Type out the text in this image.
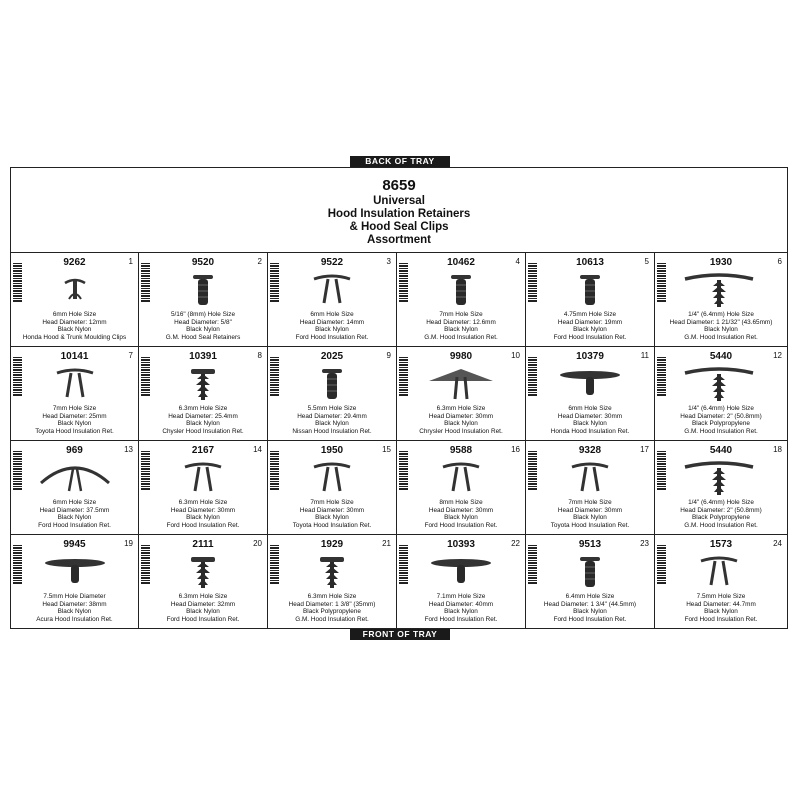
BACK OF TRAY
8659
Universal
Hood Insulation Retainers
& Hood Seal Clips
Assortment
9262	1
6mm Hole Size
Head Diameter: 12mm
Black Nylon
Honda Hood & Trunk Moulding Clips
9520	2
5/16" (8mm) Hole Size
Head Diameter: 5/8"
Black Nylon
G.M. Hood Seal Retainers
9522	3
6mm Hole Size
Head Diameter: 14mm
Black Nylon
Ford Hood Insulation Ret.
10462	4
7mm Hole Size
Head Diameter: 12.6mm
Black Nylon
G.M. Hood Insulation Ret.
10613	5
4.75mm Hole Size
Head Diameter: 19mm
Black Nylon
Ford Hood Insulation Ret.
1930	6
1/4" (6.4mm) Hole Size
Head Diameter: 1 21/32" (43.65mm)
Black Nylon
G.M. Hood Insulation Ret.
10141	7
7mm Hole Size
Head Diameter: 25mm
Black Nylon
Toyota Hood Insulation Ret.
10391	8
6.3mm Hole Size
Head Diameter: 25.4mm
Black Nylon
Chysler Hood Insulation Ret.
2025	9
5.5mm Hole Size
Head Diameter: 29.4mm
Black Nylon
Nissan Hood Insulation Ret.
9980	10
6.3mm Hole Size
Head Diameter: 30mm
Black Nylon
Chrysler Hood Insulation Ret.
10379	11
6mm Hole Size
Head Diameter: 30mm
Black Nylon
Honda Hood Insulation Ret.
5440	12
1/4" (6.4mm) Hole Size
Head Diameter: 2" (50.8mm)
Black Polypropylene
G.M. Hood Insulation Ret.
969	13
6mm Hole Size
Head Diameter: 37.5mm
Black Nylon
Ford Hood Insulation Ret.
2167	14
6.3mm Hole Size
Head Diameter: 30mm
Black Nylon
Ford Hood Insulation Ret.
1950	15
7mm Hole Size
Head Diameter: 30mm
Black Nylon
Toyota Hood Insulation Ret.
9588	16
8mm Hole Size
Head Diameter: 30mm
Black Nylon
Ford Hood Insulation Ret.
9328	17
7mm Hole Size
Head Diameter: 30mm
Black Nylon
Toyota Hood Insulation Ret.
5440	18
1/4" (6.4mm) Hole Size
Head Diameter: 2" (50.8mm)
Black Polypropylene
G.M. Hood Insulation Ret.
9945	19
7.5mm Hole Diameter
Head Diameter: 38mm
Black Nylon
Acura Hood Insulation Ret.
2111	20
6.3mm Hole Size
Head Diameter: 32mm
Black Nylon
Ford Hood Insulation Ret.
1929	21
6.3mm Hole Size
Head Diameter: 1 3/8" (35mm)
Black Polypropylene
G.M. Hood Insulation Ret.
10393	22
7.1mm Hole Size
Head Diameter: 40mm
Black Nylon
Ford Hood Insulation Ret.
9513	23
6.4mm Hole Size
Head Diameter: 1 3/4" (44.5mm)
Black Nylon
Ford Hood Insulation Ret.
1573	24
7.5mm Hole Size
Head Diameter: 44.7mm
Black Nylon
Ford Hood Insulation Ret.
FRONT OF TRAY
